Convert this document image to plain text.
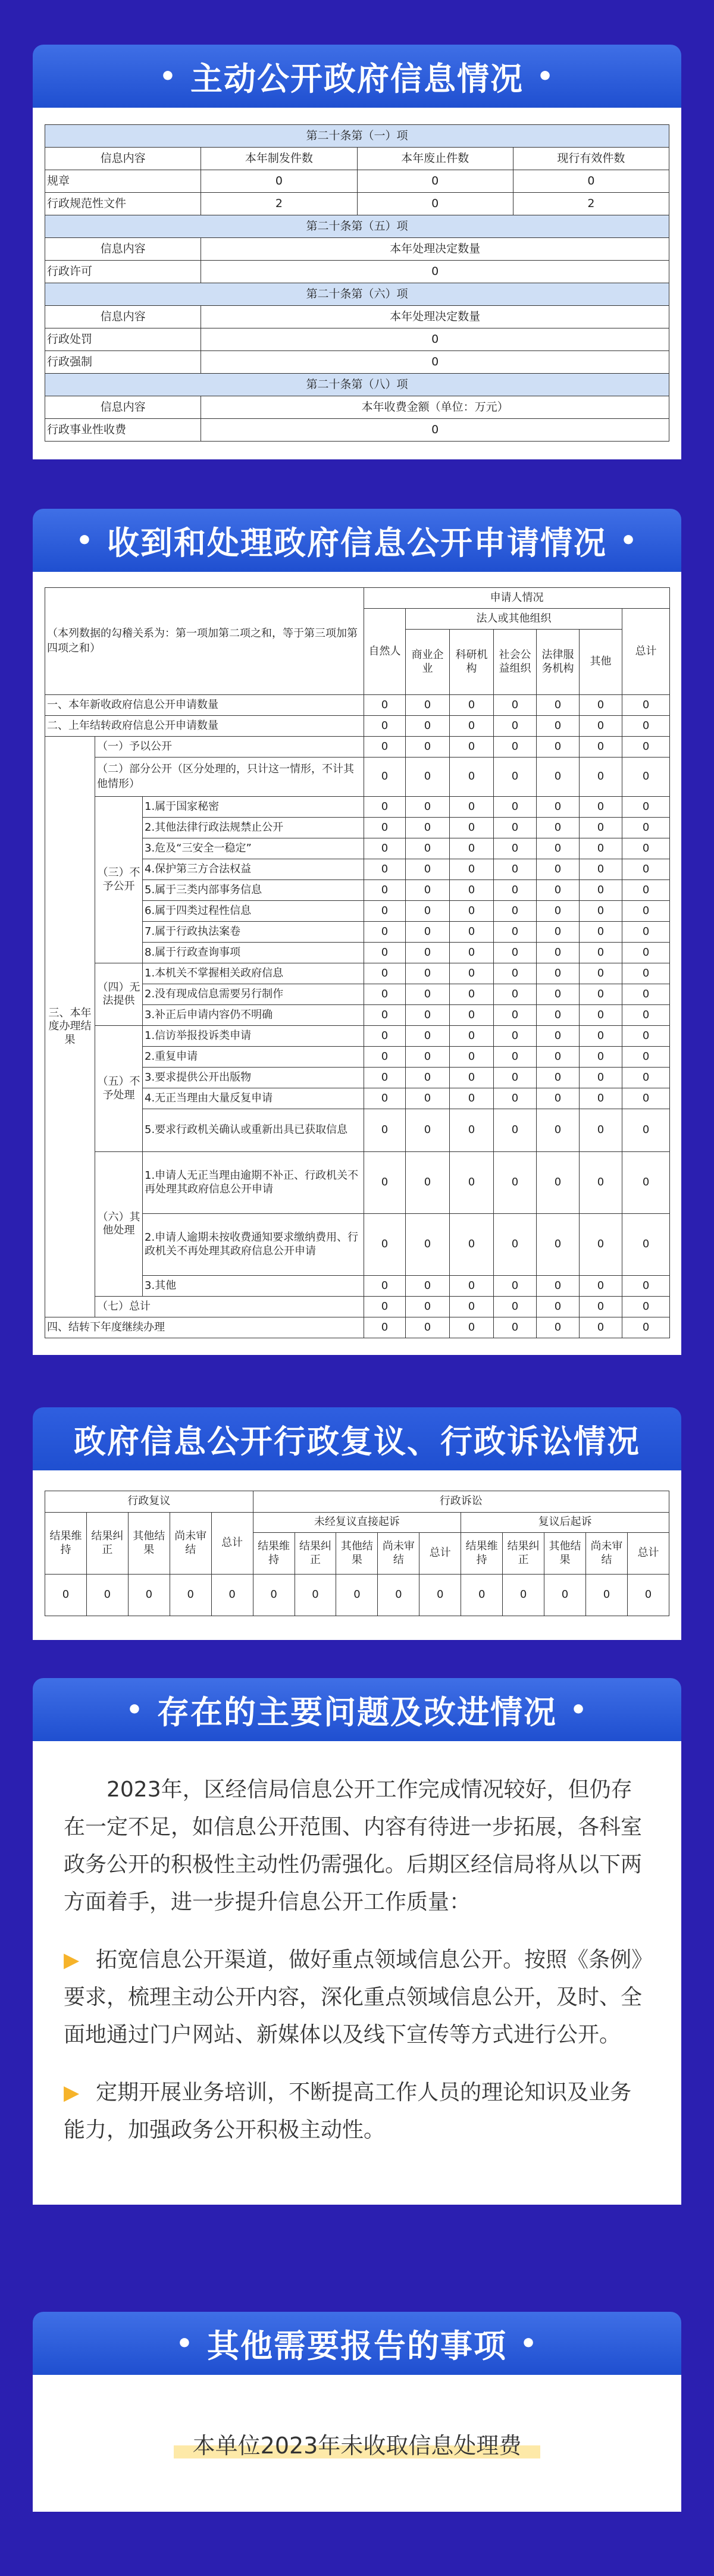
• 主动公开政府信息情况 •
第二十条第（一）项			
信息内容	本年制发件数	本年废止件数	现行有效件数
规章	0	0	0
行政规范性文件	2	0	2
第二十条第（五）项			
信息内容	本年处理决定数量		
行政许可	0		
第二十条第（六）项			
信息内容	本年处理决定数量		
行政处罚	0		
行政强制	0		
第二十条第（八）项			
信息内容	本年收费金额（单位：万元）		
行政事业性收费	0		
• 收到和处理政府信息公开申请情况 •
（本列数据的勾稽关系为：第一项加第二项之和，等于第三项加第四项之和）			申请人情况						
			自然人	法人或其他组织					总计
				商业企业	科研机构	社会公益组织	法律服务机构	其他	
一、本年新收政府信息公开申请数量			0	0	0	0	0	0	0
二、上年结转政府信息公开申请数量			0	0	0	0	0	0	0
三、本年度办理结果	（一）予以公开		0	0	0	0	0	0	0
	（二）部分公开（区分处理的，只计这一情形，不计其他情形）		0	0	0	0	0	0	0
	（三）不予公开	1.属于国家秘密	0	0	0	0	0	0	0
		2.其他法律行政法规禁止公开	0	0	0	0	0	0	0
		3.危及“三安全一稳定”	0	0	0	0	0	0	0
		4.保护第三方合法权益	0	0	0	0	0	0	0
		5.属于三类内部事务信息	0	0	0	0	0	0	0
		6.属于四类过程性信息	0	0	0	0	0	0	0
		7.属于行政执法案卷	0	0	0	0	0	0	0
		8.属于行政查询事项	0	0	0	0	0	0	0
	（四）无法提供	1.本机关不掌握相关政府信息	0	0	0	0	0	0	0
		2.没有现成信息需要另行制作	0	0	0	0	0	0	0
		3.补正后申请内容仍不明确	0	0	0	0	0	0	0
	（五）不予处理	1.信访举报投诉类申请	0	0	0	0	0	0	0
		2.重复申请	0	0	0	0	0	0	0
		3.要求提供公开出版物	0	0	0	0	0	0	0
		4.无正当理由大量反复申请	0	0	0	0	0	0	0
		5.要求行政机关确认或重新出具已获取信息	0	0	0	0	0	0	0
	（六）其他处理	1.申请人无正当理由逾期不补正、行政机关不再处理其政府信息公开申请	0	0	0	0	0	0	0
		2.申请人逾期未按收费通知要求缴纳费用、行政机关不再处理其政府信息公开申请	0	0	0	0	0	0	0
		3.其他	0	0	0	0	0	0	0
	（七）总计		0	0	0	0	0	0	0
四、结转下年度继续办理			0	0	0	0	0	0	0
政府信息公开行政复议、行政诉讼情况
行政复议					行政诉讼									
结果维持	结果纠正	其他结果	尚未审结	总计	未经复议直接起诉					复议后起诉				
					结果维持	结果纠正	其他结果	尚未审结	总计	结果维持	结果纠正	其他结果	尚未审结	总计
0	0	0	0	0	0	0	0	0	0	0	0	0	0	0
• 存在的主要问题及改进情况 •

2023年，区经信局信息公开工作完成情况较好，但仍存在一定不足，如信息公开范围、内容有待进一步拓展，各科室政务公开的积极性主动性仍需强化。后期区经信局将从以下两方面着手，进一步提升信息公开工作质量：

▶ 拓宽信息公开渠道，做好重点领域信息公开。按照《条例》要求，梳理主动公开内容，深化重点领域信息公开，及时、全面地通过门户网站、新媒体以及线下宣传等方式进行公开。

▶ 定期开展业务培训，不断提高工作人员的理论知识及业务能力，加强政务公开积极主动性。

• 其他需要报告的事项 •
本单位2023年未收取信息处理费
